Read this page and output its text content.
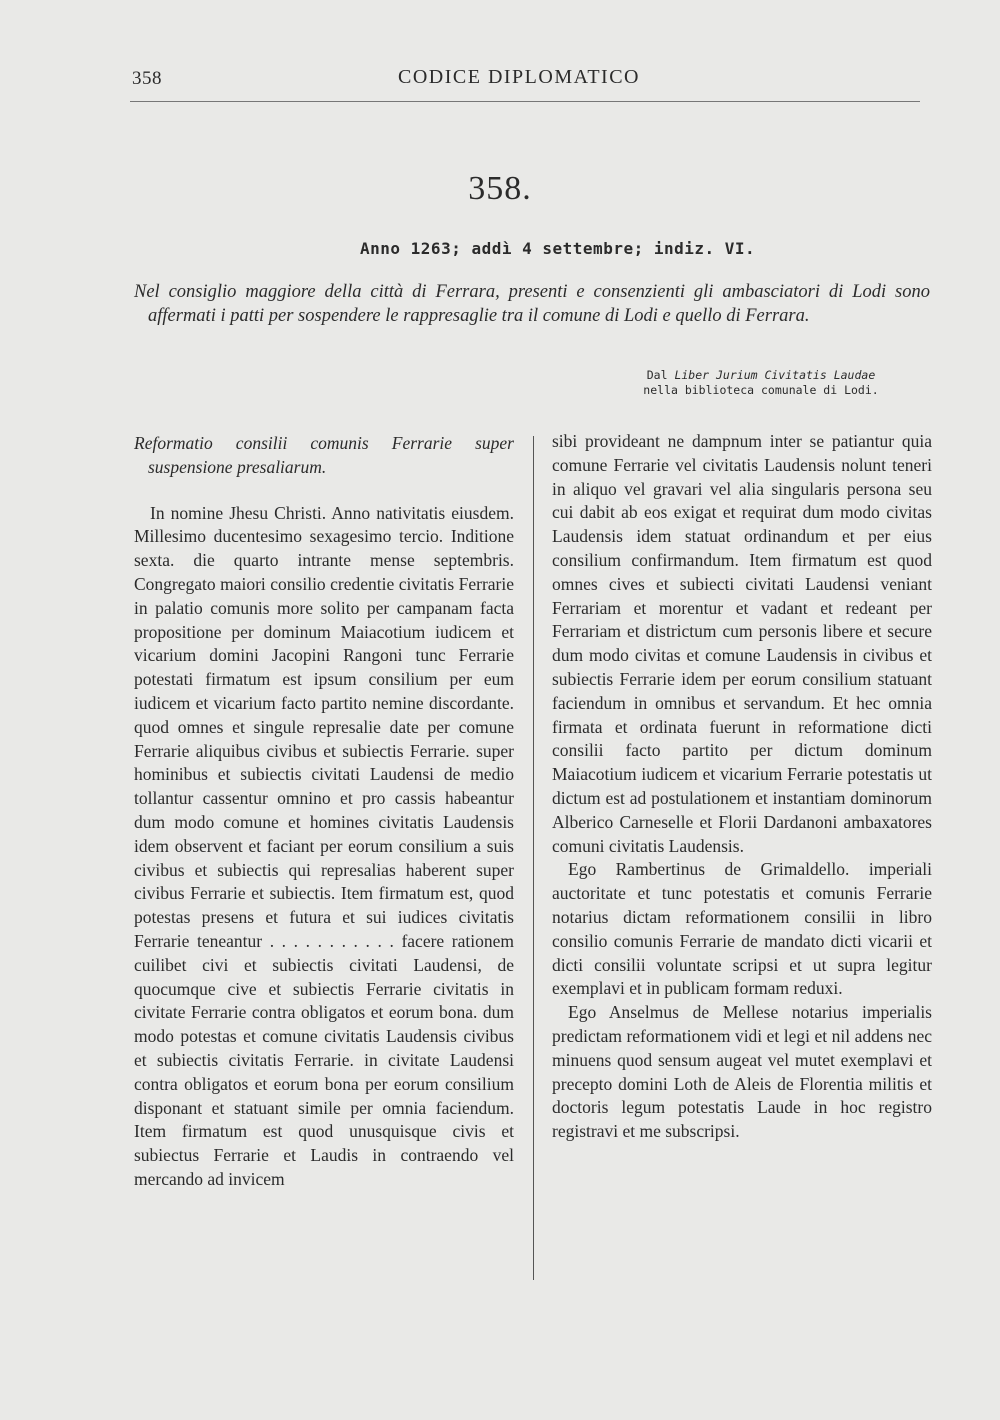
358	CODICE DIPLOMATICO
358.
Anno 1263; addì 4 settembre; indiz. VI.
Nel consiglio maggiore della città di Ferrara, presenti e consenzienti gli ambasciatori di Lodi sono affermati i patti per sospendere le rappresaglie tra il comune di Lodi e quello di Ferrara.
Dal Liber Jurium Civitatis Laudae
nella biblioteca comunale di Lodi.

Reformatio consilii comunis Ferrarie super suspensione presaliarum.

In nomine Jhesu Christi. Anno nativitatis eiusdem. Millesimo ducentesimo sexagesimo tercio. Inditione sexta. die quarto intrante mense septembris. Congregato maiori consilio credentie civitatis Ferrarie in palatio comunis more solito per campanam facta propositione per dominum Maiacotium iudicem et vicarium domini Jacopini Rangoni tunc Ferrarie potestati firmatum est ipsum consilium per eum iudicem et vicarium facto partito nemine discordante. quod omnes et singule represalie date per comune Ferrarie aliquibus civibus et subiectis Ferrarie. super hominibus et subiectis civitati Laudensi de medio tollantur cassentur omnino et pro cassis habeantur dum modo comune et homines civitatis Laudensis idem observent et faciant per eorum consilium a suis civibus et subiectis qui represalias haberent super civibus Ferrarie et subiectis. Item firmatum est, quod potestas presens et futura et sui iudices civitatis Ferrarie teneantur . . . . . . . . . . . facere rationem cuilibet civi et subiectis civitati Laudensi, de quocumque cive et subiectis Ferrarie civitatis in civitate Ferrarie contra obligatos et eorum bona. dum modo potestas et comune civitatis Laudensis civibus et subiectis civitatis Ferrarie. in civitate Laudensi contra obligatos et eorum bona per eorum consilium disponant et statuant simile per omnia faciendum. Item firmatum est quod unusquisque civis et subiectus Ferrarie et Laudis in contraendo vel mercando ad invicem

sibi provideant ne dampnum inter se patiantur quia comune Ferrarie vel civitatis Laudensis nolunt teneri in aliquo vel gravari vel alia singularis persona seu cui dabit ab eos exigat et requirat dum modo civitas Laudensis idem statuat ordinandum et per eius consilium confirmandum. Item firmatum est quod omnes cives et subiecti civitati Laudensi veniant Ferrariam et morentur et vadant et redeant per Ferrariam et districtum cum personis libere et secure dum modo civitas et comune Laudensis in civibus et subiectis Ferrarie idem per eorum consilium statuant faciendum in omnibus et servandum. Et hec omnia firmata et ordinata fuerunt in reformatione dicti consilii facto partito per dictum dominum Maiacotium iudicem et vicarium Ferrarie potestatis ut dictum est ad postulationem et instantiam dominorum Alberico Carneselle et Florii Dardanoni ambaxatores comuni civitatis Laudensis.

Ego Rambertinus de Grimaldello. imperiali auctoritate et tunc potestatis et comunis Ferrarie notarius dictam reformationem consilii in libro consilio comunis Ferrarie de mandato dicti vicarii et dicti consilii voluntate scripsi et ut supra legitur exemplavi et in publicam formam reduxi.

Ego Anselmus de Mellese notarius imperialis predictam reformationem vidi et legi et nil addens nec minuens quod sensum augeat vel mutet exemplavi et precepto domini Loth de Aleis de Florentia militis et doctoris legum potestatis Laude in hoc registro registravi et me subscripsi.
